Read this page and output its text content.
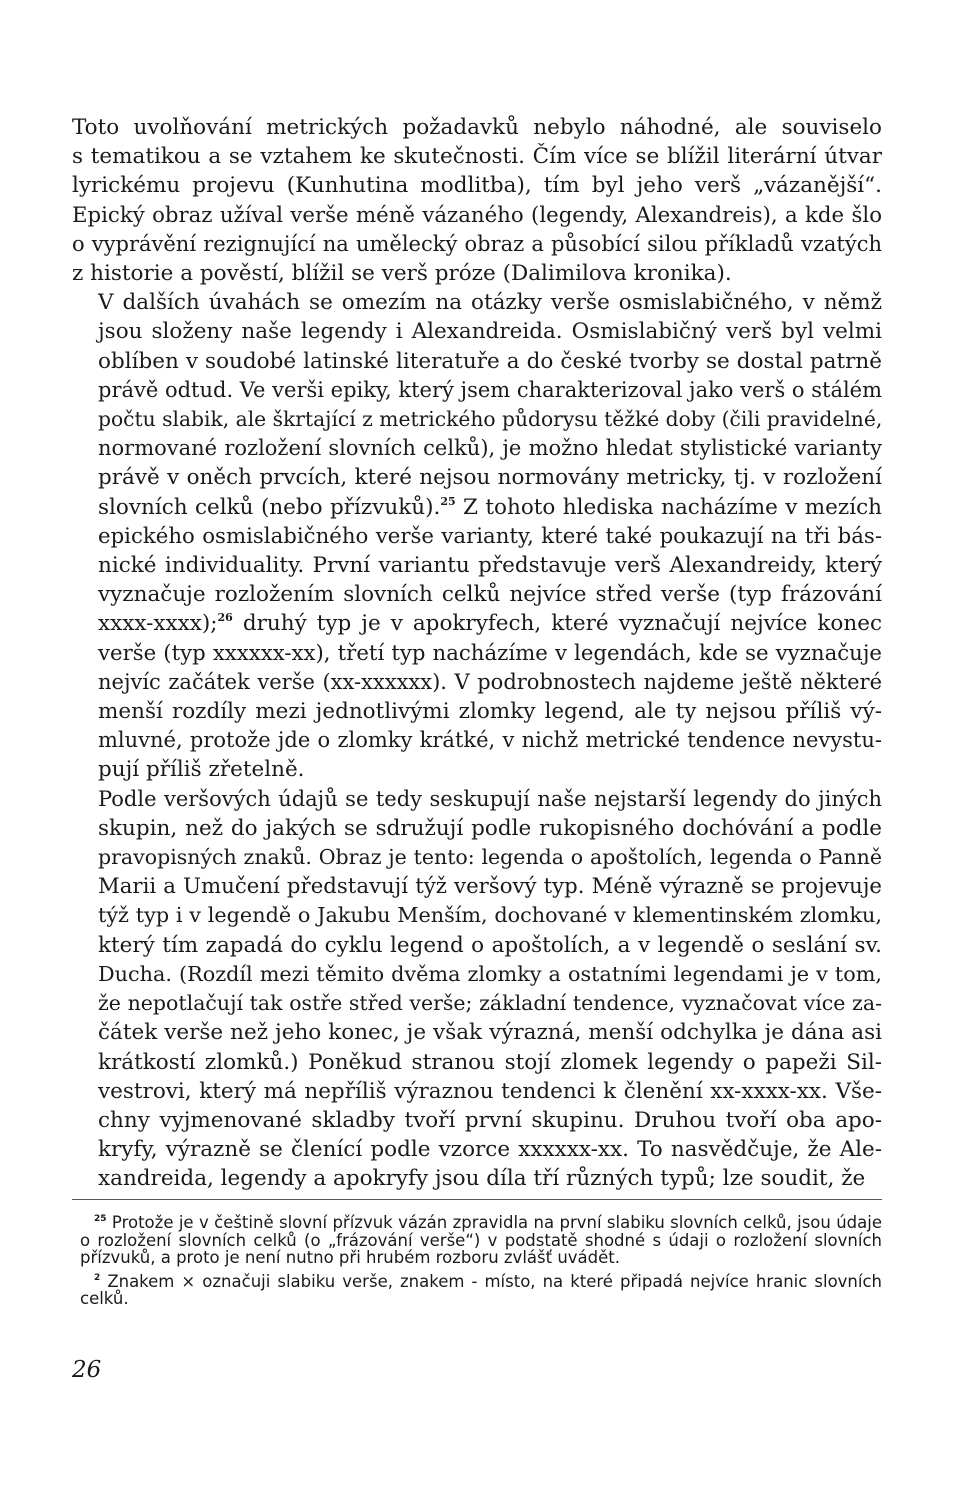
Toto uvolňování metrických požadavků nebylo náhodné, ale souviselo
s tematikou a se vztahem ke skutečnosti. Čím více se blížil literární útvar
lyrickému projevu (Kunhutina modlitba), tím byl jeho verš „vázanější“.
Epický obraz užíval verše méně vázaného (legendy, Alexandreis), a kde šlo
o vyprávění rezignující na umělecký obraz a působící silou příkladů vzatých
z historie a pověstí, blížil se verš próze (Dalimilova kronika).

V dalších úvahách se omezím na otázky verše osmislabičného, v němž
jsou složeny naše legendy i Alexandreida. Osmislabičný verš byl velmi
oblíben v soudobé latinské literatuře a do české tvorby se dostal patrně
právě odtud. Ve verši epiky, který jsem charakterizoval jako verš o stálém
počtu slabik, ale škrtající z metrického půdorysu těžké doby (čili pravidelné,
normované rozložení slovních celků), je možno hledat stylistické varianty
právě v oněch prvcích, které nejsou normovány metricky, tj. v rozložení
slovních celků (nebo přízvuků).$^{25}$ Z tohoto hlediska nacházíme v mezích
epického osmislabičného verše varianty, které také poukazují na tři bás-
nické individuality. První variantu představuje verš Alexandreidy, který
vyznačuje rozložením slovních celků nejvíce střed verše (typ frázování
xxxx-xxxx);$^{26}$ druhý typ je v apokryfech, které vyznačují nejvíce konec
verše (typ xxxxxx-xx), třetí typ nacházíme v legendách, kde se vyznačuje
nejvíc začátek verše (xx-xxxxxx). V podrobnostech najdeme ještě některé
menší rozdíly mezi jednotlivými zlomky legend, ale ty nejsou příliš vý-
mluvné, protože jde o zlomky krátké, v nichž metrické tendence nevystu-
pují příliš zřetelně.

Podle veršových údajů se tedy seskupují naše nejstarší legendy do jiných
skupin, než do jakých se sdružují podle rukopisného dochóvání a podle
pravopisných znaků. Obraz je tento: legenda o apoštolích, legenda o Panně
Marii a Umučení představují týž veršový typ. Méně výrazně se projevuje
týž typ i v legendě o Jakubu Menším, dochované v klementinském zlomku,
který tím zapadá do cyklu legend o apoštolích, a v legendě o seslání sv.
Ducha. (Rozdíl mezi těmito dvěma zlomky a ostatními legendami je v tom,
že nepotlačují tak ostře střed verše; základní tendence, vyznačovat více za-
čátek verše než jeho konec, je však výrazná, menší odchylka je dána asi
krátkostí zlomků.) Poněkud stranou stojí zlomek legendy o papeži Sil-
vestrovi, který má nepříliš výraznou tendenci k členění xx-xxxx-xx. Vše-
chny vyjmenované skladby tvoří první skupinu. Druhou tvoří oba apo-
kryfy, výrazně se členící podle vzorce xxxxxx-xx. To nasvědčuje, že Ale-
xandreida, legendy a apokryfy jsou díla tří různých typů; lze soudit, že

$^{25}$ Protože je v češtině slovní přízvuk vázán zpravidla na první slabiku slovních celků, jsou údaje o rozložení slovních celků (o „frázování verše“) v podstatě shodné s údaji o rozložení slovních přízvuků, a proto je není nutno při hrubém rozboru zvlášť uvádět.

$^2$ Znakem × označuji slabiku verše, znakem - místo, na které připadá nejvíce hranic slovních celků.

26
